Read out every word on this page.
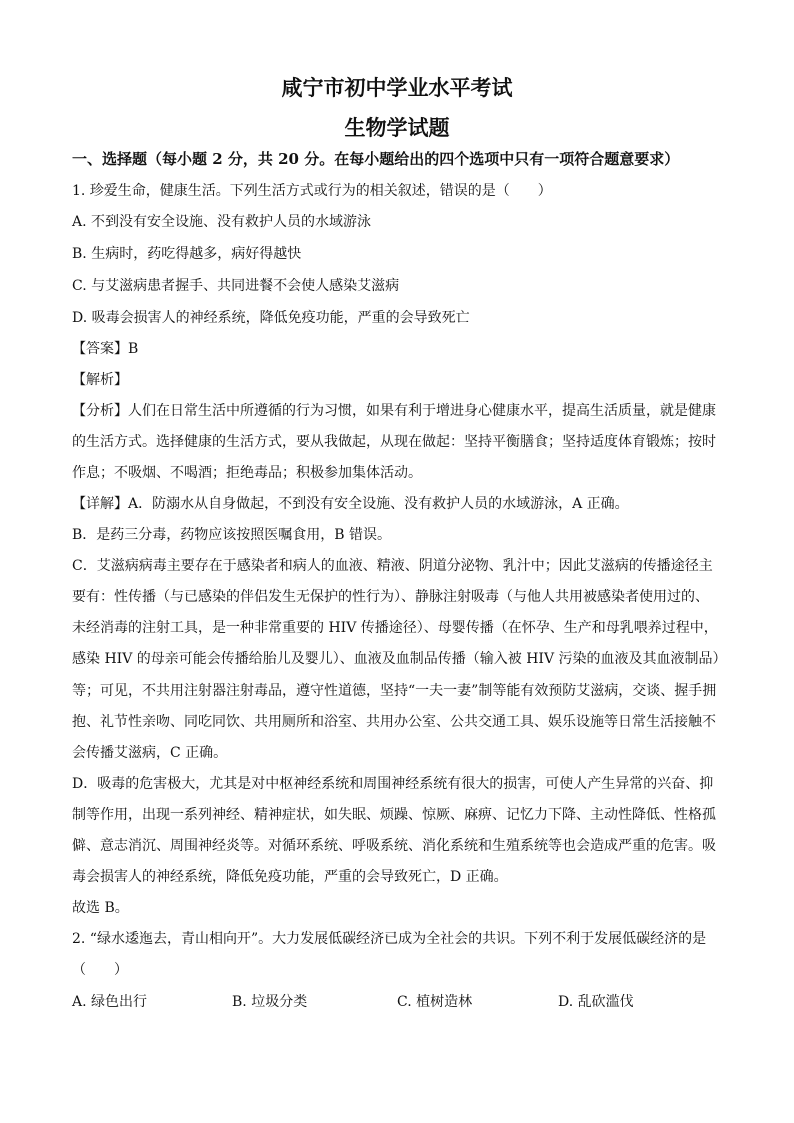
咸宁市初中学业水平考试
生物学试题
一、选择题（每小题 2 分，共 20 分。在每小题给出的四个选项中只有一项符合题意要求）
1. 珍爱生命，健康生活。下列生活方式或行为的相关叙述，错误的是（　　）
A. 不到没有安全设施、没有救护人员的水域游泳
B. 生病时，药吃得越多，病好得越快
C. 与艾滋病患者握手、共同进餐不会使人感染艾滋病
D. 吸毒会损害人的神经系统，降低免疫功能，严重的会导致死亡
【答案】B
【解析】
【分析】人们在日常生活中所遵循的行为习惯，如果有利于增进身心健康水平，提高生活质量，就是健康
的生活方式。选择健康的生活方式，要从我做起，从现在做起：坚持平衡膳食；坚持适度体育锻炼；按时
作息；不吸烟、不喝酒；拒绝毒品；积极参加集体活动。
【详解】A．防溺水从自身做起，不到没有安全设施、没有救护人员的水域游泳，A 正确。
B．是药三分毒，药物应该按照医嘱食用，B 错误。
C．艾滋病病毒主要存在于感染者和病人的血液、精液、阴道分泌物、乳汁中；因此艾滋病的传播途径主
要有：性传播（与已感染的伴侣发生无保护的性行为）、静脉注射吸毒（与他人共用被感染者使用过的、
未经消毒的注射工具，是一种非常重要的 HIV 传播途径）、母婴传播（在怀孕、生产和母乳喂养过程中，
感染 HIV 的母亲可能会传播给胎儿及婴儿）、血液及血制品传播（输入被 HIV 污染的血液及其血液制品）
等；可见，不共用注射器注射毒品，遵守性道德，坚持“一夫一妻”制等能有效预防艾滋病，交谈、握手拥
抱、礼节性亲吻、同吃同饮、共用厕所和浴室、共用办公室、公共交通工具、娱乐设施等日常生活接触不
会传播艾滋病，C 正确。
D．吸毒的危害极大，尤其是对中枢神经系统和周围神经系统有很大的损害，可使人产生异常的兴奋、抑
制等作用，出现一系列神经、精神症状，如失眠、烦躁、惊厥、麻痹、记忆力下降、主动性降低、性格孤
僻、意志消沉、周围神经炎等。对循环系统、呼吸系统、消化系统和生殖系统等也会造成严重的危害。吸
毒会损害人的神经系统，降低免疫功能，严重的会导致死亡，D 正确。
故选 B。
2. “绿水逶迤去，青山相向开”。大力发展低碳经济已成为全社会的共识。下列不利于发展低碳经济的是
（　　）
A. 绿色出行	B. 垃圾分类	C. 植树造林	D. 乱砍滥伐
